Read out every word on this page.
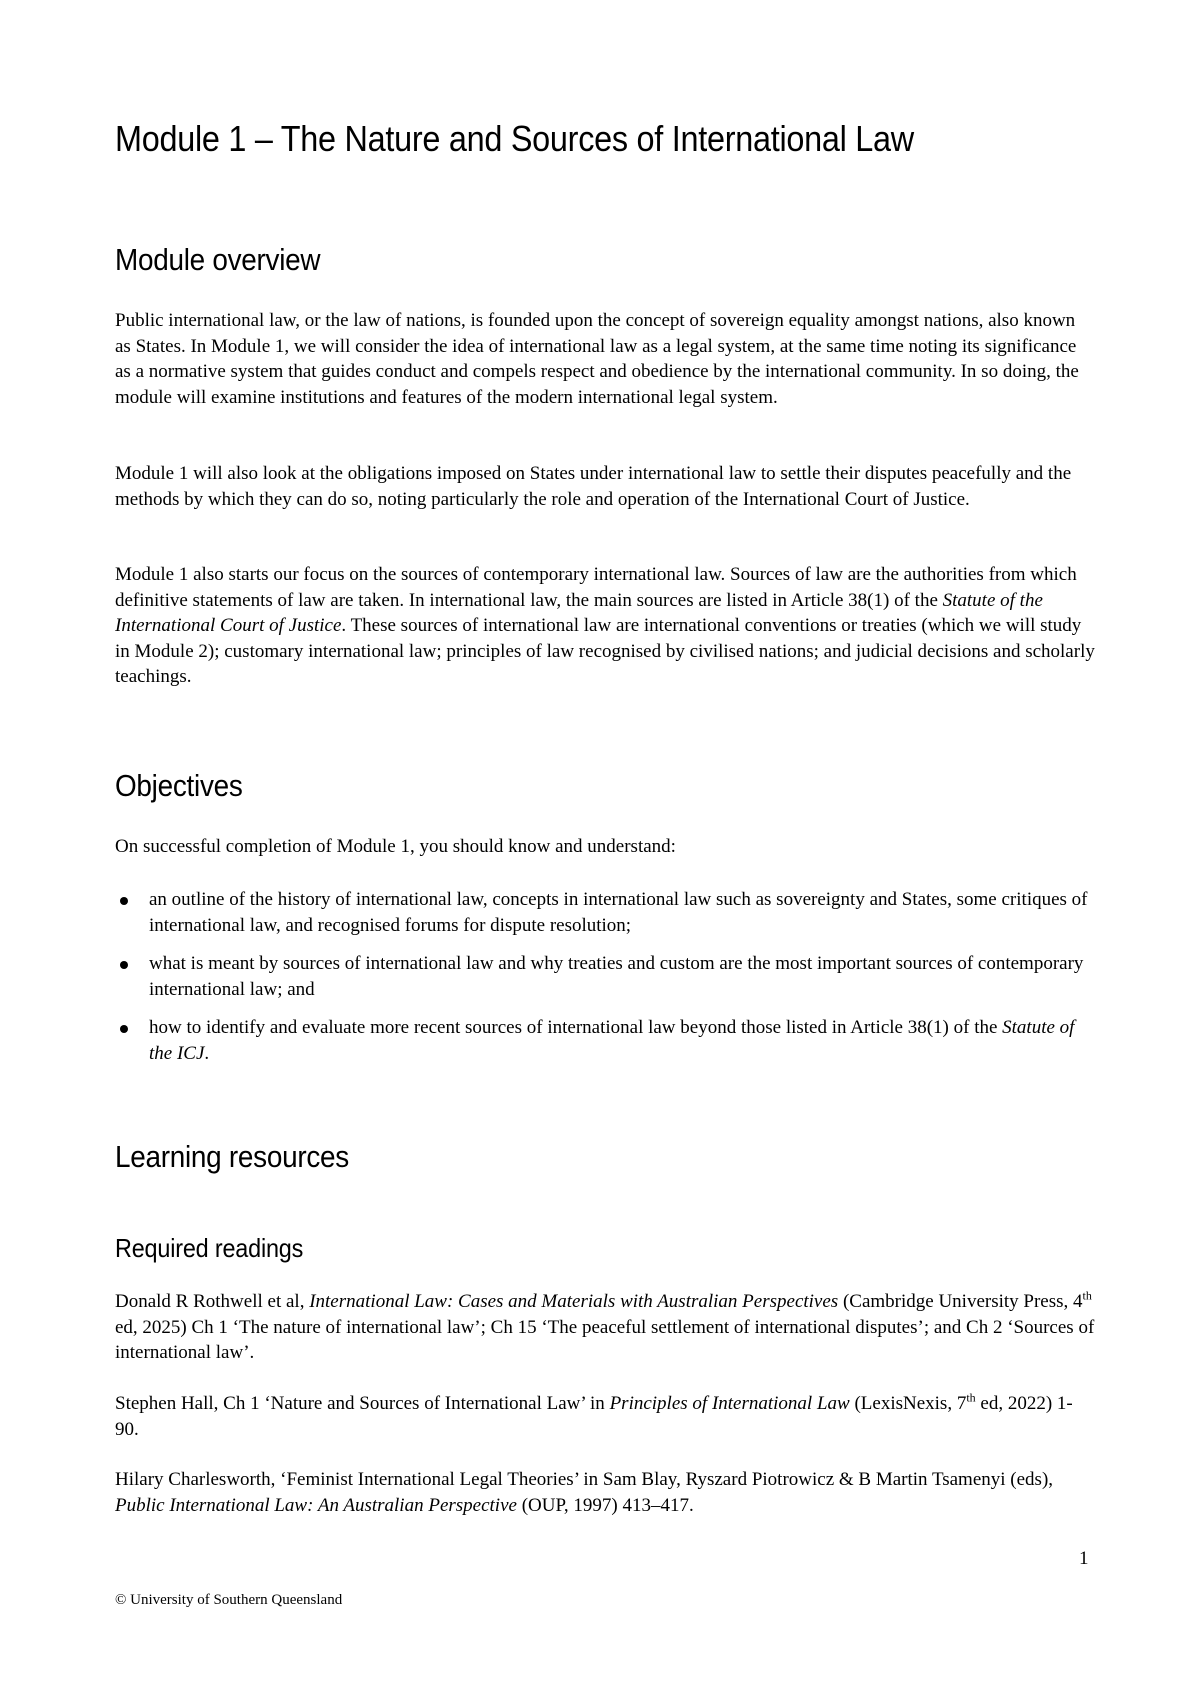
Module 1 – The Nature and Sources of International Law
Module overview

Public international law, or the law of nations, is founded upon the concept of sovereign equality amongst nations, also known as States. In Module 1, we will consider the idea of international law as a legal system, at the same time noting its significance as a normative system that guides conduct and compels respect and obedience by the international community. In so doing, the module will examine institutions and features of the modern international legal system.

Module 1 will also look at the obligations imposed on States under international law to settle their disputes peacefully and the methods by which they can do so, noting particularly the role and operation of the International Court of Justice.

Module 1 also starts our focus on the sources of contemporary international law. Sources of law are the authorities from which definitive statements of law are taken. In international law, the main sources are listed in Article 38(1) of the Statute of the International Court of Justice. These sources of international law are international conventions or treaties (which we will study in Module 2); customary international law; principles of law recognised by civilised nations; and judicial decisions and scholarly teachings.

Objectives

On successful completion of Module 1, you should know and understand:

an outline of the history of international law, concepts in international law such as sovereignty and States, some critiques of international law, and recognised forums for dispute resolution;
what is meant by sources of international law and why treaties and custom are the most important sources of contemporary international law; and
how to identify and evaluate more recent sources of international law beyond those listed in Article 38(1) of the Statute of the ICJ.
Learning resources
Required readings

Donald R Rothwell et al, International Law: Cases and Materials with Australian Perspectives (Cambridge University Press, 4th ed, 2025) Ch 1 ‘The nature of international law’; Ch 15 ‘The peaceful settlement of international disputes’; and Ch 2 ‘Sources of international law’.

Stephen Hall, Ch 1 ‘Nature and Sources of International Law’ in Principles of International Law (LexisNexis, 7th ed, 2022) 1-90.

Hilary Charlesworth, ‘Feminist International Legal Theories’ in Sam Blay, Ryszard Piotrowicz & B Martin Tsamenyi (eds), Public International Law: An Australian Perspective (OUP, 1997) 413–417.

1
© University of Southern Queensland
